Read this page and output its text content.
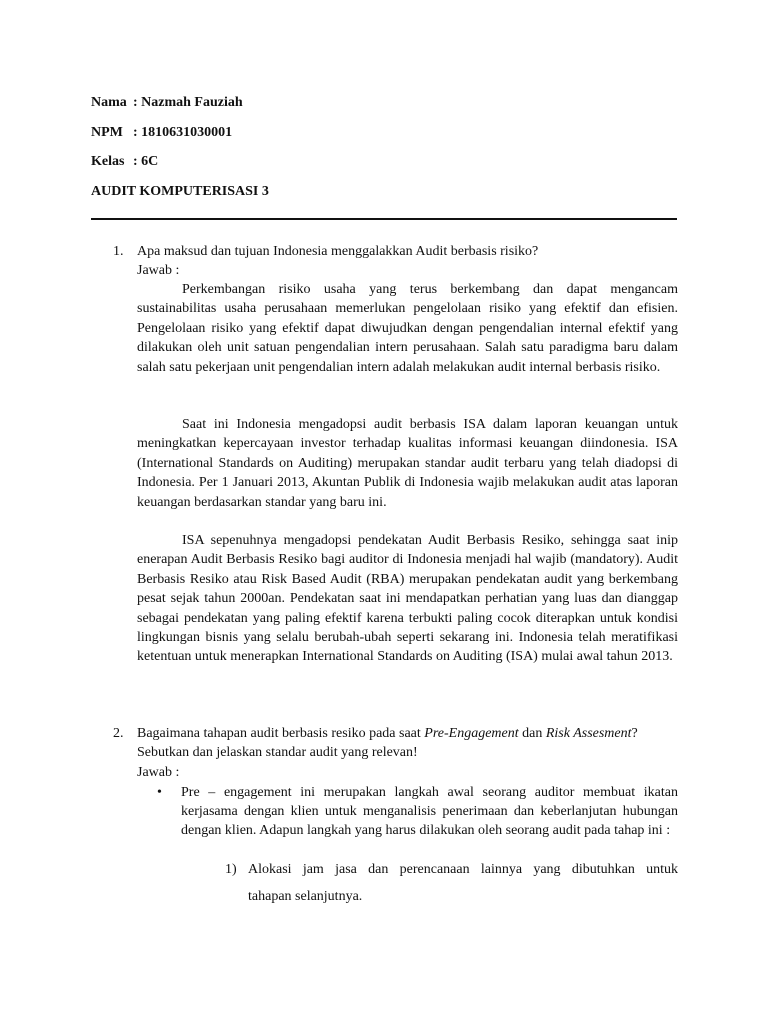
Nama : Nazmah Fauziah
NPM : 1810631030001
Kelas : 6C
AUDIT KOMPUTERISASI 3
1. Apa maksud dan tujuan Indonesia menggalakkan Audit berbasis risiko?
Jawab :

Perkembangan risiko usaha yang terus berkembang dan dapat mengancam sustainabilitas usaha perusahaan memerlukan pengelolaan risiko yang efektif dan efisien. Pengelolaan risiko yang efektif dapat diwujudkan dengan pengendalian internal efektif yang dilakukan oleh unit satuan pengendalian intern perusahaan. Salah satu paradigma baru dalam salah satu pekerjaan unit pengendalian intern adalah melakukan audit internal berbasis risiko.

Saat ini Indonesia mengadopsi audit berbasis ISA dalam laporan keuangan untuk meningkatkan kepercayaan investor terhadap kualitas informasi keuangan diindonesia. ISA (International Standards on Auditing) merupakan standar audit terbaru yang telah diadopsi di Indonesia. Per 1 Januari 2013, Akuntan Publik di Indonesia wajib melakukan audit atas laporan keuangan berdasarkan standar yang baru ini.

ISA sepenuhnya mengadopsi pendekatan Audit Berbasis Resiko, sehingga saat inip enerapan Audit Berbasis Resiko bagi auditor di Indonesia menjadi hal wajib (mandatory). Audit Berbasis Resiko atau Risk Based Audit (RBA) merupakan pendekatan audit yang berkembang pesat sejak tahun 2000an. Pendekatan saat ini mendapatkan perhatian yang luas dan dianggap sebagai pendekatan yang paling efektif karena terbukti paling cocok diterapkan untuk kondisi lingkungan bisnis yang selalu berubah-ubah seperti sekarang ini. Indonesia telah meratifikasi ketentuan untuk menerapkan International Standards on Auditing (ISA) mulai awal tahun 2013.

2. Bagaimana tahapan audit berbasis resiko pada saat Pre-Engagement dan Risk Assesment? Sebutkan dan jelaskan standar audit yang relevan!
Jawab :
• Pre – engagement ini merupakan langkah awal seorang auditor membuat ikatan kerjasama dengan klien untuk menganalisis penerimaan dan keberlanjutan hubungan dengan klien. Adapun langkah yang harus dilakukan oleh seorang audit pada tahap ini :

1) Alokasi jam jasa dan perencanaan lainnya yang dibutuhkan untuk
tahapan selanjutnya.
